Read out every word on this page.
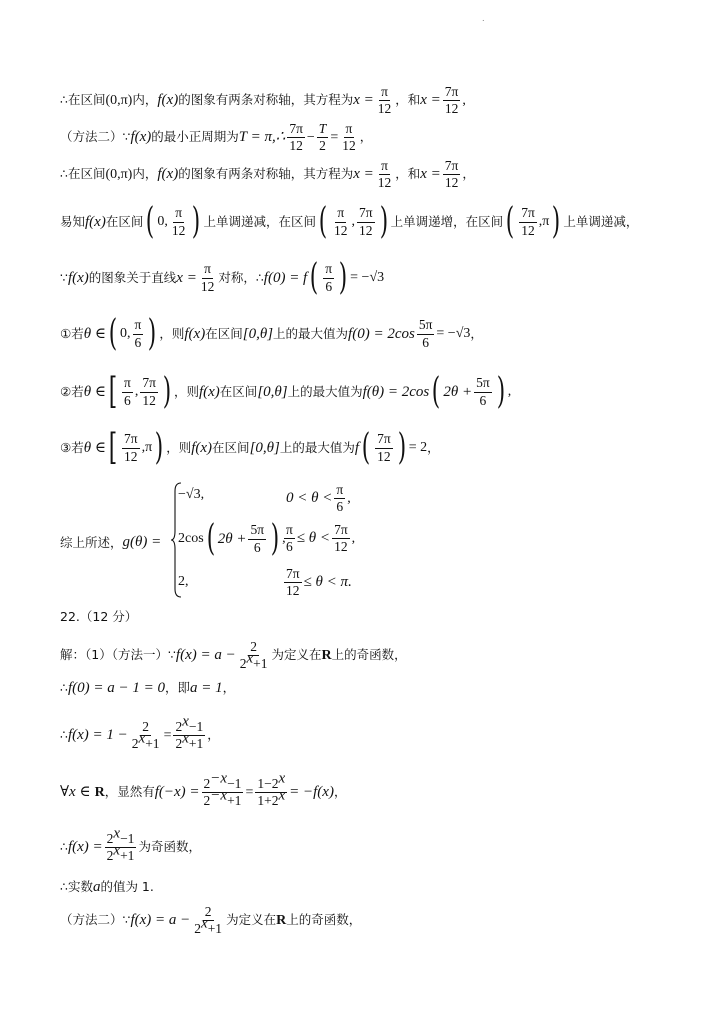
.
∴在区间 (0,π) 内， f(x) 的图象有两条对称轴，其方程为 $x = \frac{\pi}{12}$ ，和 $x = \frac{7\pi}{12}$ ,
（方法二）∵ f(x) 的最小正周期为 T = π,∴ $\frac{7\pi}{12} - \frac{T}{2} = \frac{\pi}{12}$ ，
∴在区间 (0,π) 内， f(x) 的图象有两条对称轴，其方程为 $x = \frac{\pi}{12}$ ，和 $x = \frac{7\pi}{12}$ ，
易知 f(x) 在区间 ( 0, $\frac{\pi}{12}$ ) 上单调递减，在区间 ( $\frac{\pi}{12}$ , $\frac{7\pi}{12}$ ) 上单调递增，在区间 ( $\frac{7\pi}{12} ,\pi$ ) 上单调递减，
∵ f(x) 的图象关于直线 $x = \frac{\pi}{12}$ 对称，∴ f(0) = f ( $\frac{\pi}{6}$ ) = −√3
①若 θ ∈ ( 0, $\frac{\pi}{6}$ ) ，则 f(x) 在区间 [0,θ] 上的最大值为 $f(0) = 2\cos \frac{5\pi}{6} = -√3$ ，
②若 θ ∈ [ $\frac{\pi}{6}$ , $\frac{7\pi}{12}$ ) ，则 f(x) 在区间 [0,θ] 上的最大值为 f(θ) = 2cos ( $2\theta + \frac{5\pi}{6}$ ) ,
③若 θ ∈ [ $\frac{7\pi}{12} ,\pi$ ) ，则 f(x) 在区间 [0,θ] 上的最大值为 f ( $\frac{7\pi}{12}$ ) = 2 ，
综上所述， g(θ) =
−√3,	$0 < \theta < \frac{\pi}{6}$ ,
2cos ( $2\theta + \frac{5\pi}{6}$ ) ,
$\frac{\pi}{6} \le \theta < \frac{7\pi}{12}$ ,
2,	$\frac{7\pi}{12} \le \theta < \pi$.
22.（12 分）
解：（1）（方法一）∵ $f(x) = a - \frac{2}{2^x+1}$ 为定义在 R 上的奇函数，
∴ f(0) = a − 1 = 0 ，即 a = 1 ，
∴ $f(x) = 1 - \frac{2}{2^x+1} = \frac{2^x-1}{2^x+1}$ ，
∀x ∈ R ，显然有 $f(-x) = \frac{2^{-x}-1}{2^{-x}+1} = \frac{1-2^x}{1+2^x} = -f(x)$ ，
∴ $f(x) = \frac{2^x-1}{2^x+1}$ 为奇函数，
∴实数 a 的值为 1.
（方法二）∵ $f(x) = a - \frac{2}{2^x+1}$ 为定义在 R 上的奇函数，
